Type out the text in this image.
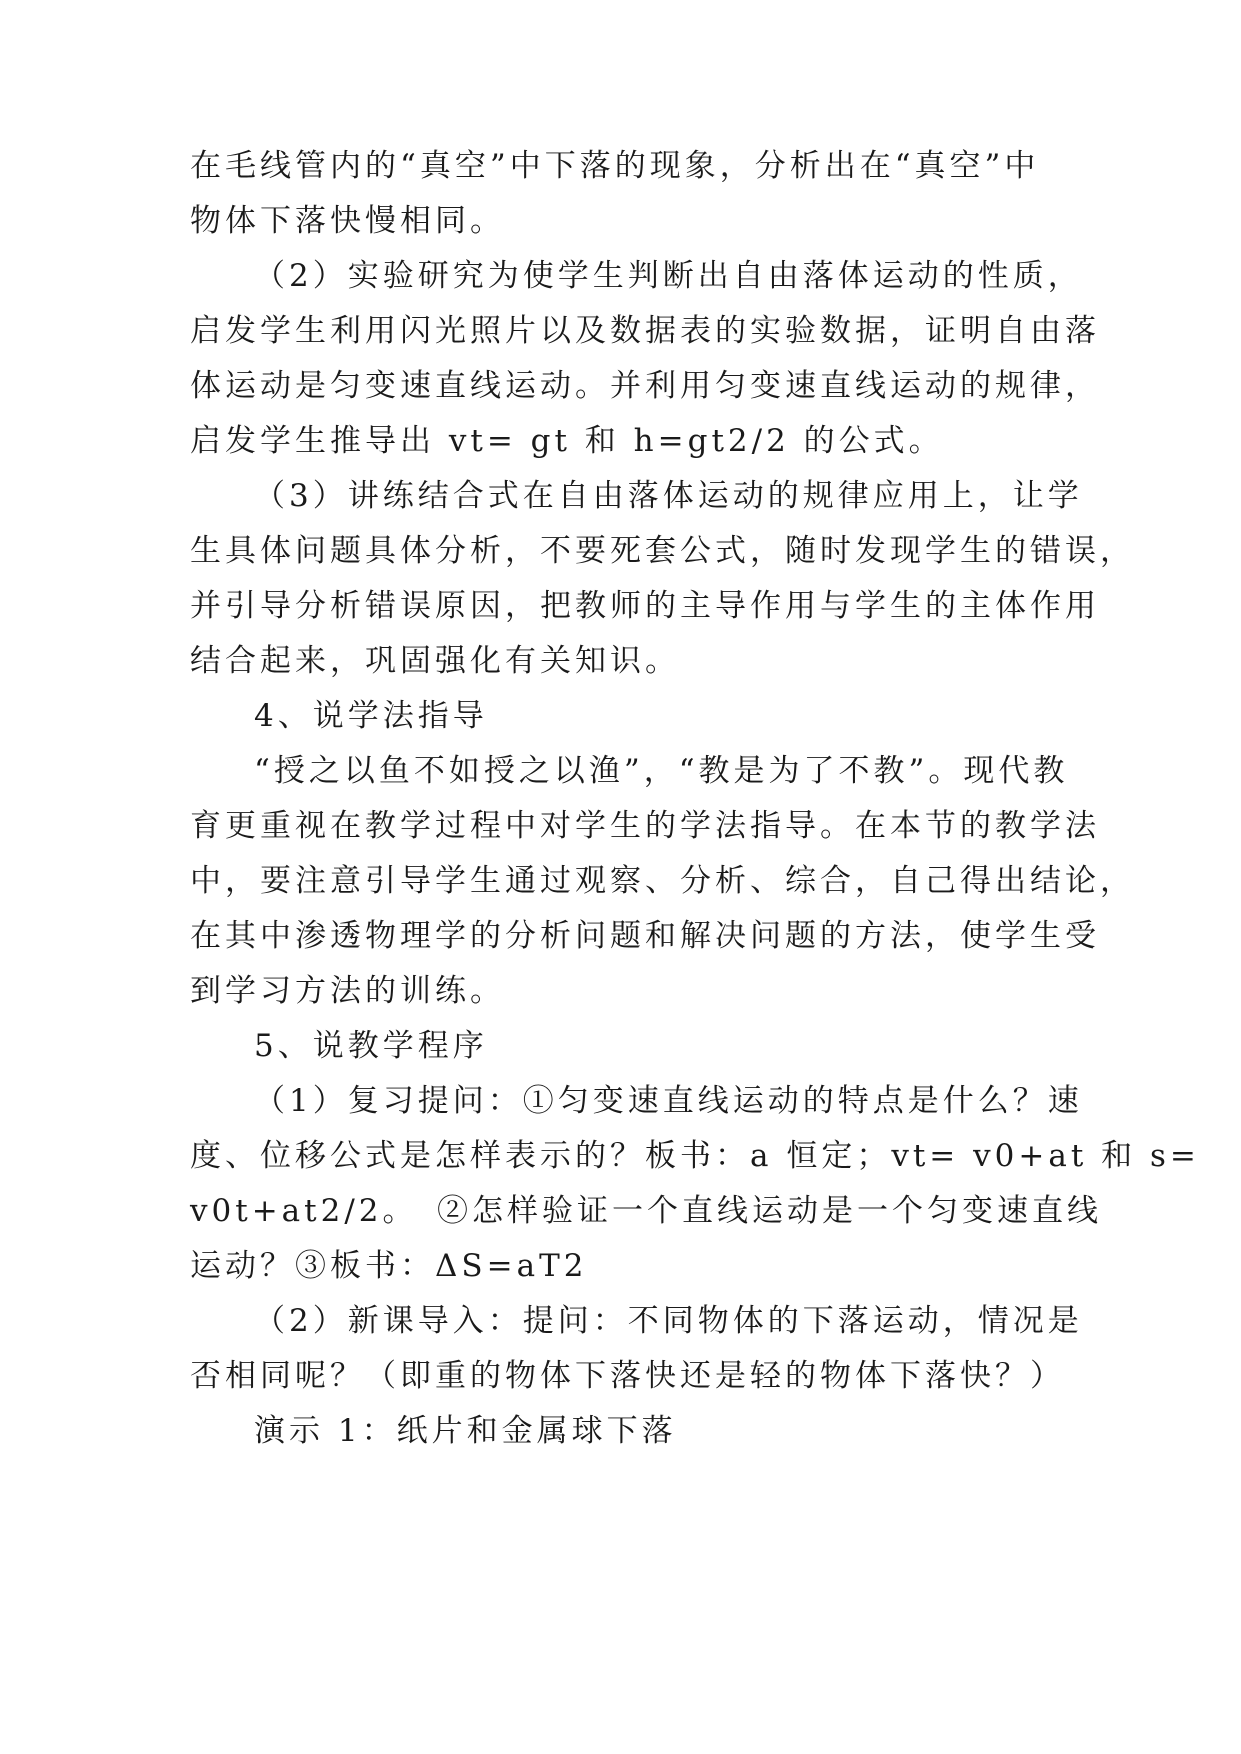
在毛线管内的“真空”中下落的现象，分析出在“真空”中
物体下落快慢相同。
（2）实验研究为使学生判断出自由落体运动的性质，
启发学生利用闪光照片以及数据表的实验数据，证明自由落
体运动是匀变速直线运动。并利用匀变速直线运动的规律，
启发学生推导出 vt= gt 和 h=gt2/2 的公式。
（3）讲练结合式在自由落体运动的规律应用上，让学
生具体问题具体分析，不要死套公式，随时发现学生的错误，
并引导分析错误原因，把教师的主导作用与学生的主体作用
结合起来，巩固强化有关知识。
4、说学法指导
“授之以鱼不如授之以渔”，“教是为了不教”。现代教
育更重视在教学过程中对学生的学法指导。在本节的教学法
中，要注意引导学生通过观察、分析、综合，自己得出结论，
在其中渗透物理学的分析问题和解决问题的方法，使学生受
到学习方法的训练。
5、说教学程序
（1）复习提问：①匀变速直线运动的特点是什么？速
度、位移公式是怎样表示的？板书：a 恒定；vt= v0+at 和 s=
v0t+at2/2。　②怎样验证一个直线运动是一个匀变速直线
运动？③板书：ΔS=aT2
（2）新课导入：提问：不同物体的下落运动，情况是
否相同呢？（即重的物体下落快还是轻的物体下落快？）
演示 1：纸片和金属球下落
